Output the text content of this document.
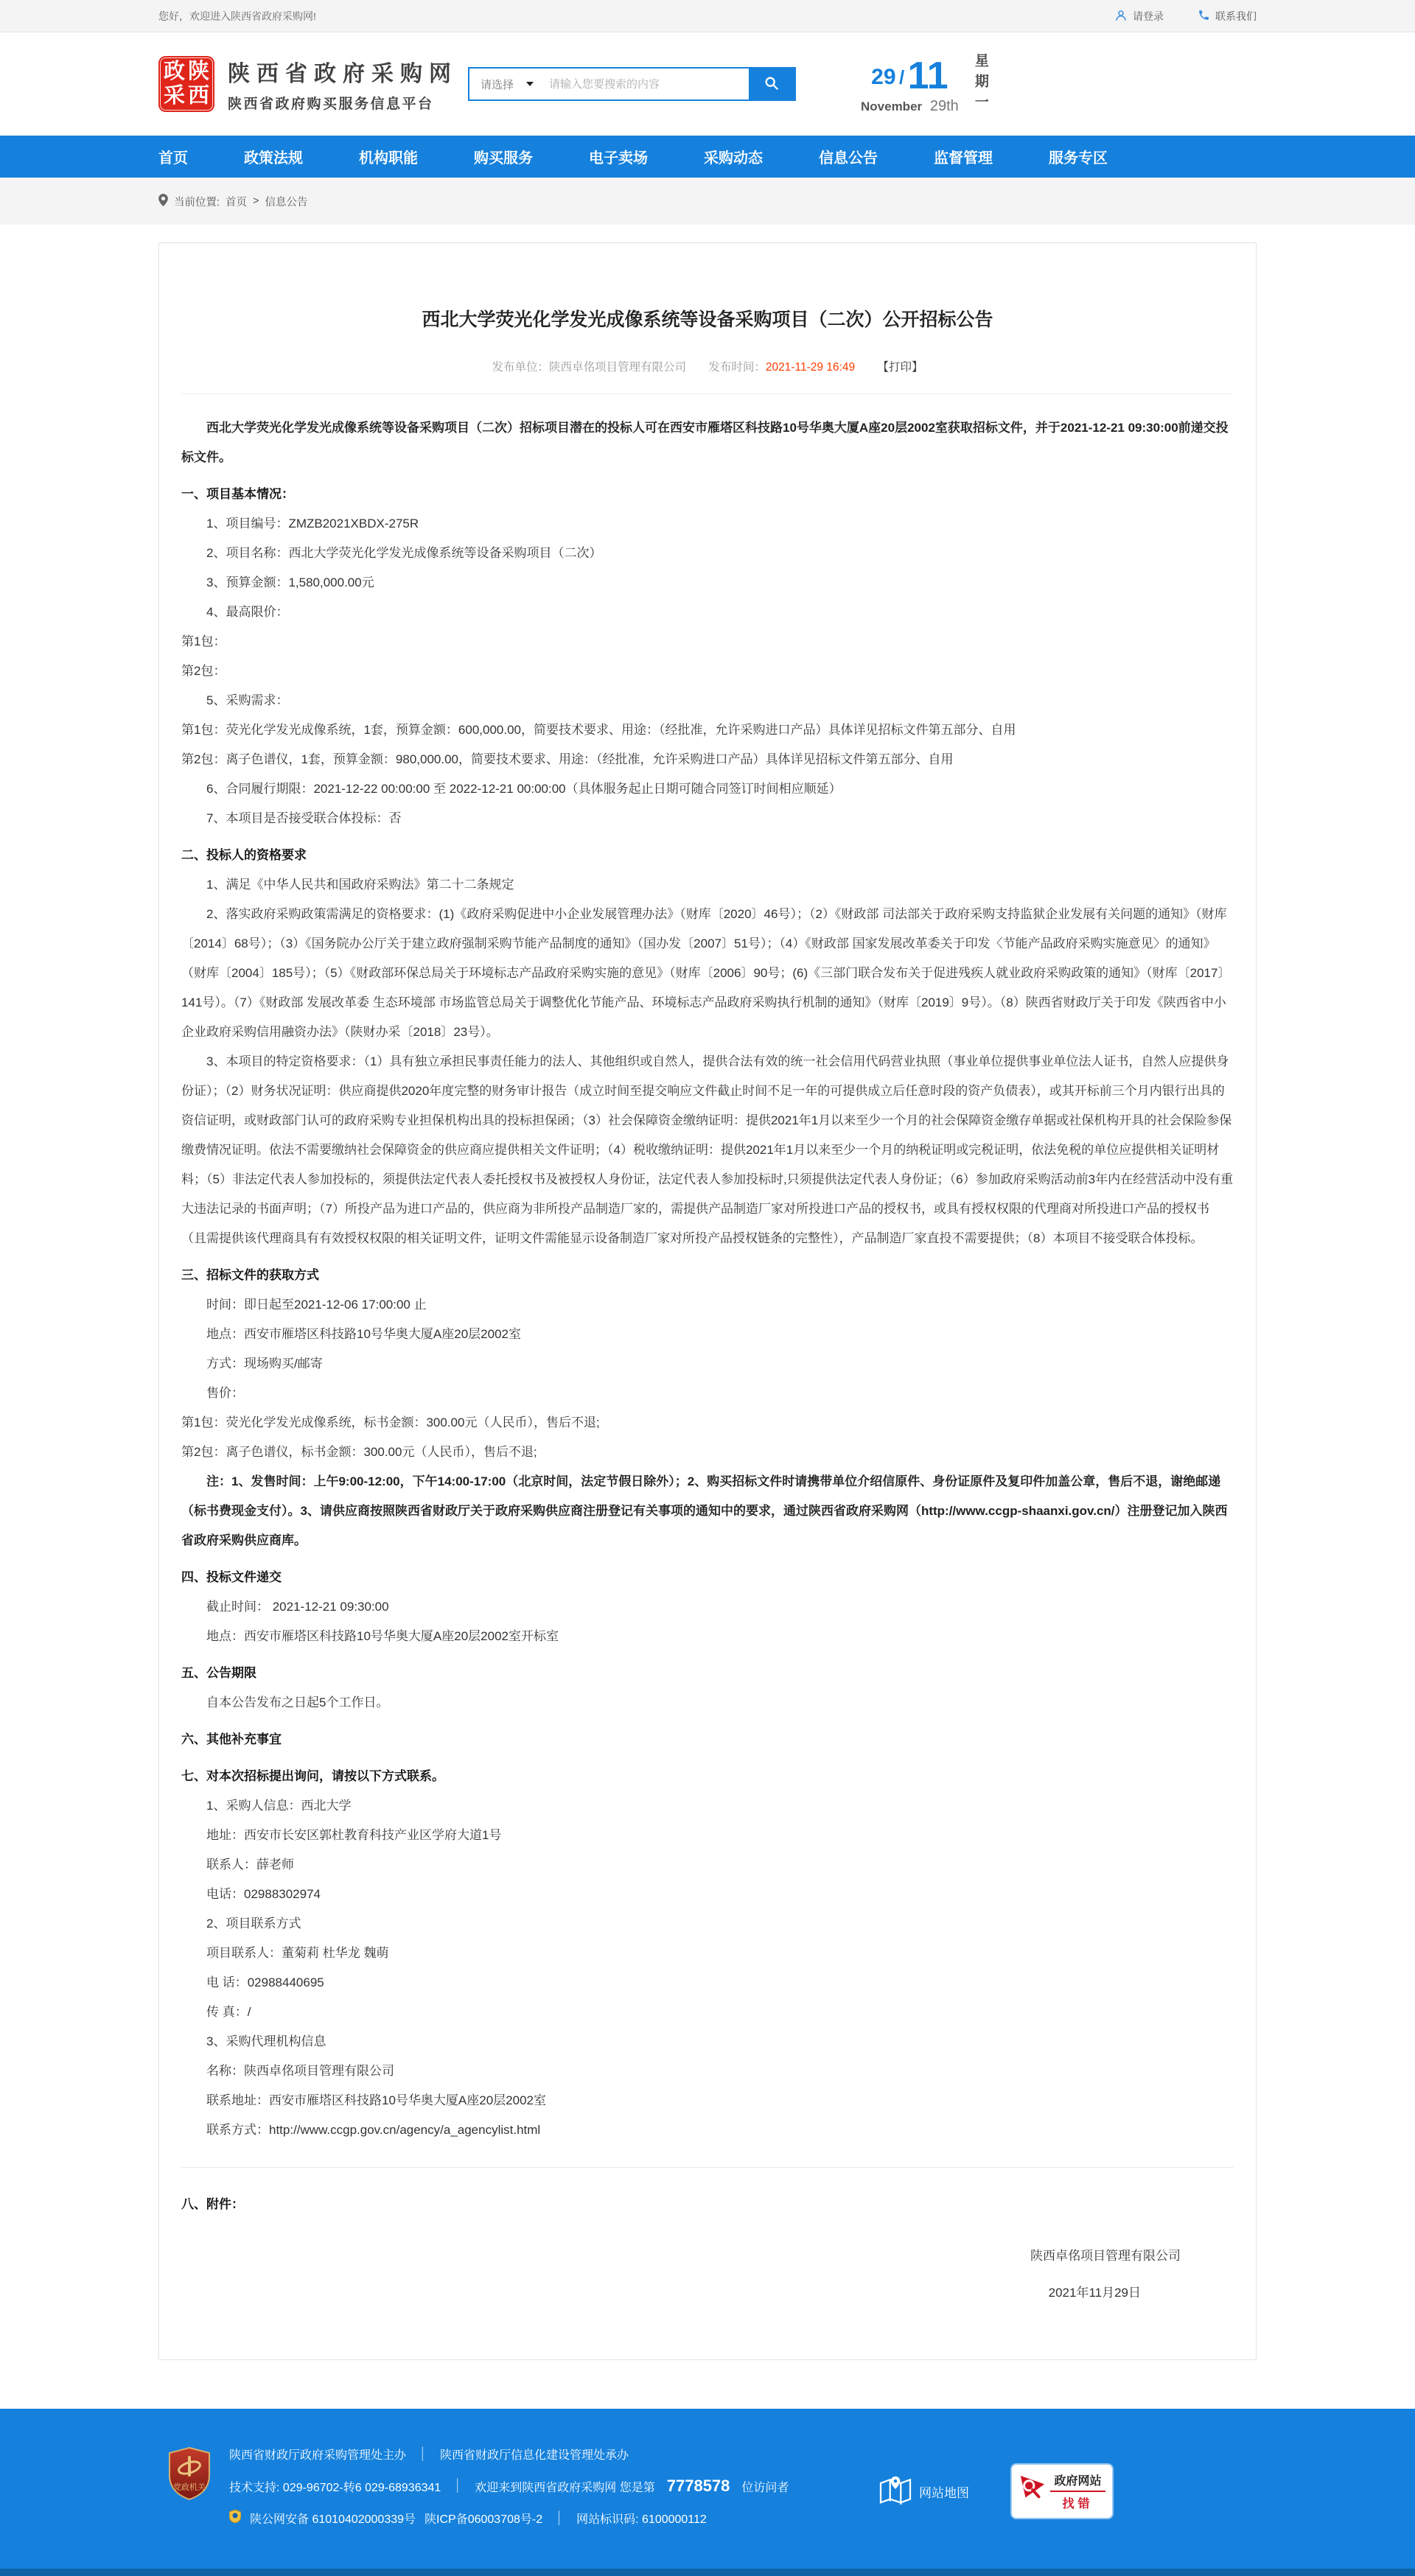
您好，欢迎进入陕西省政府采购网!	请登录	联系我们
政 陕
采 西
陕西省政府采购网
陕西省政府购买服务信息平台
请选择
请输入您要搜索的内容	29 / 11
November 29th 星期一
首页	政策法规	机构职能	购买服务	电子卖场	采购动态	信息公告	监督管理	服务专区
当前位置: 首页 > 信息公告
西北大学荧光化学发光成像系统等设备采购项目（二次）公开招标公告
发布单位：陕西卓佲项目管理有限公司 发布时间：2021-11-29 16:49 【打印】

西北大学荧光化学发光成像系统等设备采购项目（二次）招标项目潜在的投标人可在西安市雁塔区科技路10号华奥大厦A座20层2002室获取招标文件，并于2021-12-21 09:30:00前递交投标文件。

一、项目基本情况：

1、项目编号：ZMZB2021XBDX-275R

2、项目名称：西北大学荧光化学发光成像系统等设备采购项目（二次）

3、预算金额：1,580,000.00元

4、最高限价：

第1包：

第2包：

5、采购需求：

第1包：荧光化学发光成像系统，1套，预算金额：600,000.00，简要技术要求、用途：（经批准，允许采购进口产品）具体详见招标文件第五部分、自用

第2包：离子色谱仪，1套，预算金额：980,000.00，简要技术要求、用途：（经批准，允许采购进口产品）具体详见招标文件第五部分、自用

6、合同履行期限：2021-12-22 00:00:00 至 2022-12-21 00:00:00（具体服务起止日期可随合同签订时间相应顺延）

7、本项目是否接受联合体投标：否

二、投标人的资格要求

1、满足《中华人民共和国政府采购法》第二十二条规定

2、落实政府采购政策需满足的资格要求：(1)《政府采购促进中小企业发展管理办法》（财库〔2020〕46号）；（2）《财政部 司法部关于政府采购支持监狱企业发展有关问题的通知》（财库〔2014〕68号）；（3）《国务院办公厅关于建立政府强制采购节能产品制度的通知》（国办发〔2007〕51号）；（4）《财政部 国家发展改革委关于印发〈节能产品政府采购实施意见〉的通知》（财库〔2004〕185号）；（5）《财政部环保总局关于环境标志产品政府采购实施的意见》（财库〔2006〕90号；(6)《三部门联合发布关于促进残疾人就业政府采购政策的通知》（财库〔2017〕141号）。（7）《财政部 发展改革委 生态环境部 市场监管总局关于调整优化节能产品、环境标志产品政府采购执行机制的通知》（财库〔2019〕9号）。（8）陕西省财政厅关于印发《陕西省中小企业政府采购信用融资办法》（陕财办采〔2018〕23号）。

3、本项目的特定资格要求：（1）具有独立承担民事责任能力的法人、其他组织或自然人，提供合法有效的统一社会信用代码营业执照（事业单位提供事业单位法人证书，自然人应提供身份证）；（2）财务状况证明：供应商提供2020年度完整的财务审计报告（成立时间至提交响应文件截止时间不足一年的可提供成立后任意时段的资产负债表），或其开标前三个月内银行出具的资信证明，或财政部门认可的政府采购专业担保机构出具的投标担保函；（3）社会保障资金缴纳证明：提供2021年1月以来至少一个月的社会保障资金缴存单据或社保机构开具的社会保险参保缴费情况证明。依法不需要缴纳社会保障资金的供应商应提供相关文件证明；（4）税收缴纳证明：提供2021年1月以来至少一个月的纳税证明或完税证明，依法免税的单位应提供相关证明材料；（5）非法定代表人参加投标的，须提供法定代表人委托授权书及被授权人身份证，法定代表人参加投标时,只须提供法定代表人身份证；（6）参加政府采购活动前3年内在经营活动中没有重大违法记录的书面声明；（7）所投产品为进口产品的，供应商为非所投产品制造厂家的，需提供产品制造厂家对所投进口产品的授权书，或具有授权权限的代理商对所投进口产品的授权书（且需提供该代理商具有有效授权权限的相关证明文件，证明文件需能显示设备制造厂家对所投产品授权链条的完整性），产品制造厂家直投不需要提供；（8）本项目不接受联合体投标。

三、招标文件的获取方式

时间：即日起至2021-12-06 17:00:00 止

地点：西安市雁塔区科技路10号华奥大厦A座20层2002室

方式：现场购买/邮寄

售价：

第1包：荧光化学发光成像系统，标书金额：300.00元（人民币），售后不退;

第2包：离子色谱仪，标书金额：300.00元（人民币），售后不退;

注：1、发售时间：上午9:00-12:00，下午14:00-17:00（北京时间，法定节假日除外）；2、购买招标文件时请携带单位介绍信原件、身份证原件及复印件加盖公章，售后不退，谢绝邮递（标书费现金支付）。3、请供应商按照陕西省财政厅关于政府采购供应商注册登记有关事项的通知中的要求，通过陕西省政府采购网（http://www.ccgp-shaanxi.gov.cn/）注册登记加入陕西省政府采购供应商库。

四、投标文件递交

截止时间： 2021-12-21 09:30:00

地点：西安市雁塔区科技路10号华奥大厦A座20层2002室开标室

五、公告期限

自本公告发布之日起5个工作日。

六、其他补充事宜

七、对本次招标提出询问，请按以下方式联系。

1、采购人信息：西北大学

地址：西安市长安区郭杜教育科技产业区学府大道1号

联系人：薛老师

电话：02988302974

2、项目联系方式

项目联系人：董菊莉 杜华龙 魏萌

电 话：02988440695

传 真：/

3、采购代理机构信息

名称：陕西卓佲项目管理有限公司

联系地址：西安市雁塔区科技路10号华奥大厦A座20层2002室

联系方式：http://www.ccgp.gov.cn/agency/a_agencylist.html

八、附件：

陕西卓佲项目管理有限公司
2021年11月29日
党政机关
陕西省财政厅政府采购管理处主办 │ 陕西省财政厅信息化建设管理处承办
技术支持: 029-96702-转6 029-68936341 │ 欢迎来到陕西省政府采购网 您是第 7778578 位访问者
陕公网安备 61010402000339号 陕ICP备06003708号-2 │ 网站标识码: 6100000112
网站地图
政府网站
找错
